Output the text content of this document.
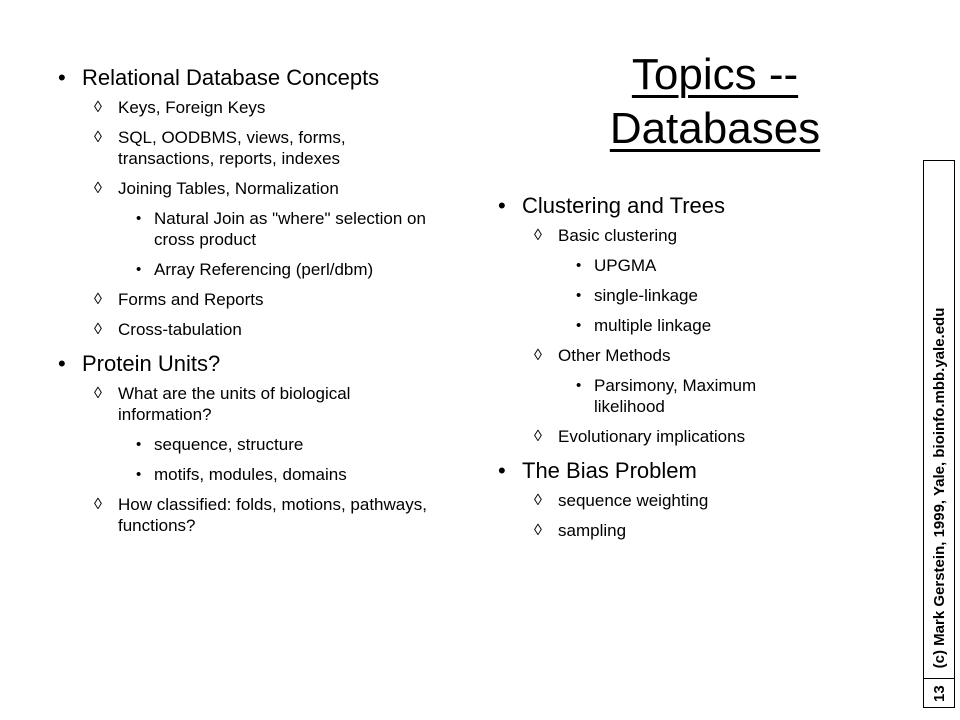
Topics -- Databases
• Relational Database Concepts
◊ Keys, Foreign Keys
◊ SQL, OODBMS, views, forms, transactions, reports, indexes
◊ Joining Tables, Normalization
• Natural Join as "where" selection on cross product
• Array Referencing (perl/dbm)
◊ Forms and Reports
◊ Cross-tabulation
• Protein Units?
◊ What are the units of biological information?
• sequence, structure
• motifs, modules, domains
◊ How classified: folds, motions, pathways, functions?
• Clustering and Trees
◊ Basic clustering
• UPGMA
• single-linkage
• multiple linkage
◊ Other Methods
• Parsimony, Maximum likelihood
◊ Evolutionary implications
• The Bias Problem
◊ sequence weighting
◊ sampling
13
(c) Mark Gerstein, 1999, Yale, bioinfo.mbb.yale.edu
